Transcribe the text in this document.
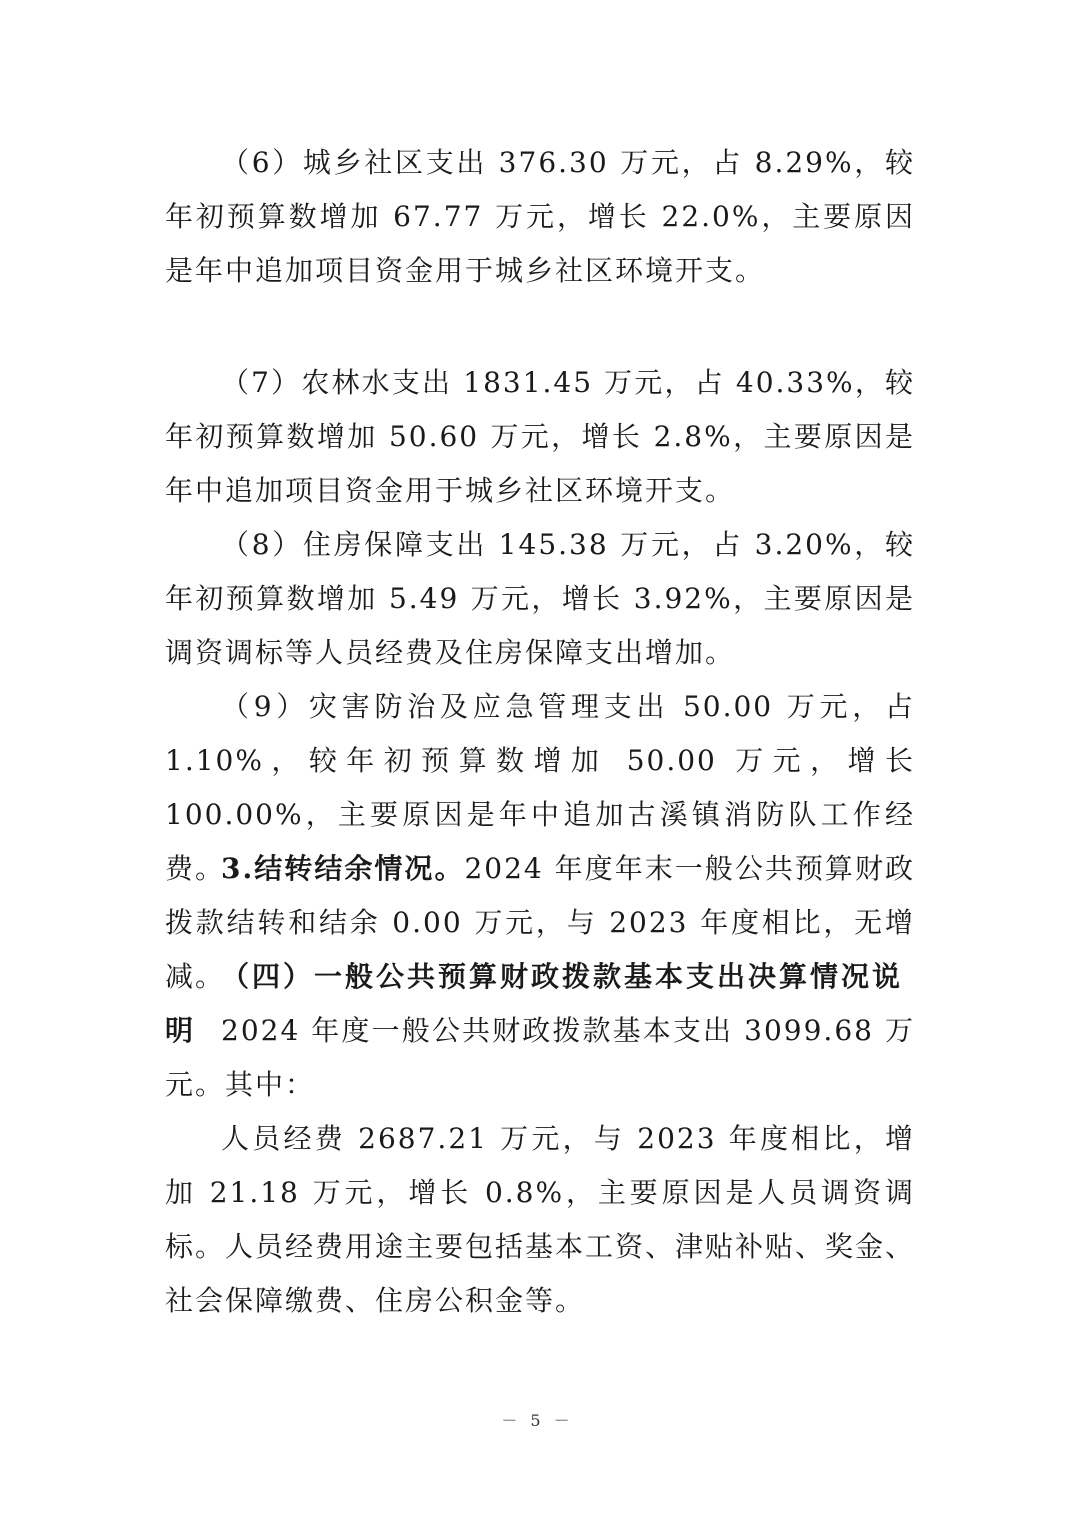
（6）城乡社区支出 376.30 万元，占 8.29%，较年初预算数增加 67.77 万元，增长 22.0%，主要原因是年中追加项目资金用于城乡社区环境开支。

（7）农林水支出 1831.45 万元，占 40.33%，较年初预算数增加 50.60 万元，增长 2.8%，主要原因是年中追加项目资金用于城乡社区环境开支。

（8）住房保障支出 145.38 万元，占 3.20%，较年初预算数增加 5.49 万元，增长 3.92%，主要原因是调资调标等人员经费及住房保障支出增加。

（9）灾害防治及应急管理支出 50.00 万元，占 1.10%，较年初预算数增加 50.00 万元，增长 100.00%，主要原因是年中追加古溪镇消防队工作经费。

3.结转结余情况。2024 年度年末一般公共预算财政拨款结转和结余 0.00 万元，与 2023 年度相比，无增减。

（四）一般公共预算财政拨款基本支出决算情况说明 2024 年度一般公共财政拨款基本支出 3099.68 万元。其中：

人员经费 2687.21 万元，与 2023 年度相比，增加 21.18 万元，增长 0.8%，主要原因是人员调资调标。人员经费用途主要包括基本工资、津贴补贴、奖金、社会保障缴费、住房公积金等。

－ 5 －
